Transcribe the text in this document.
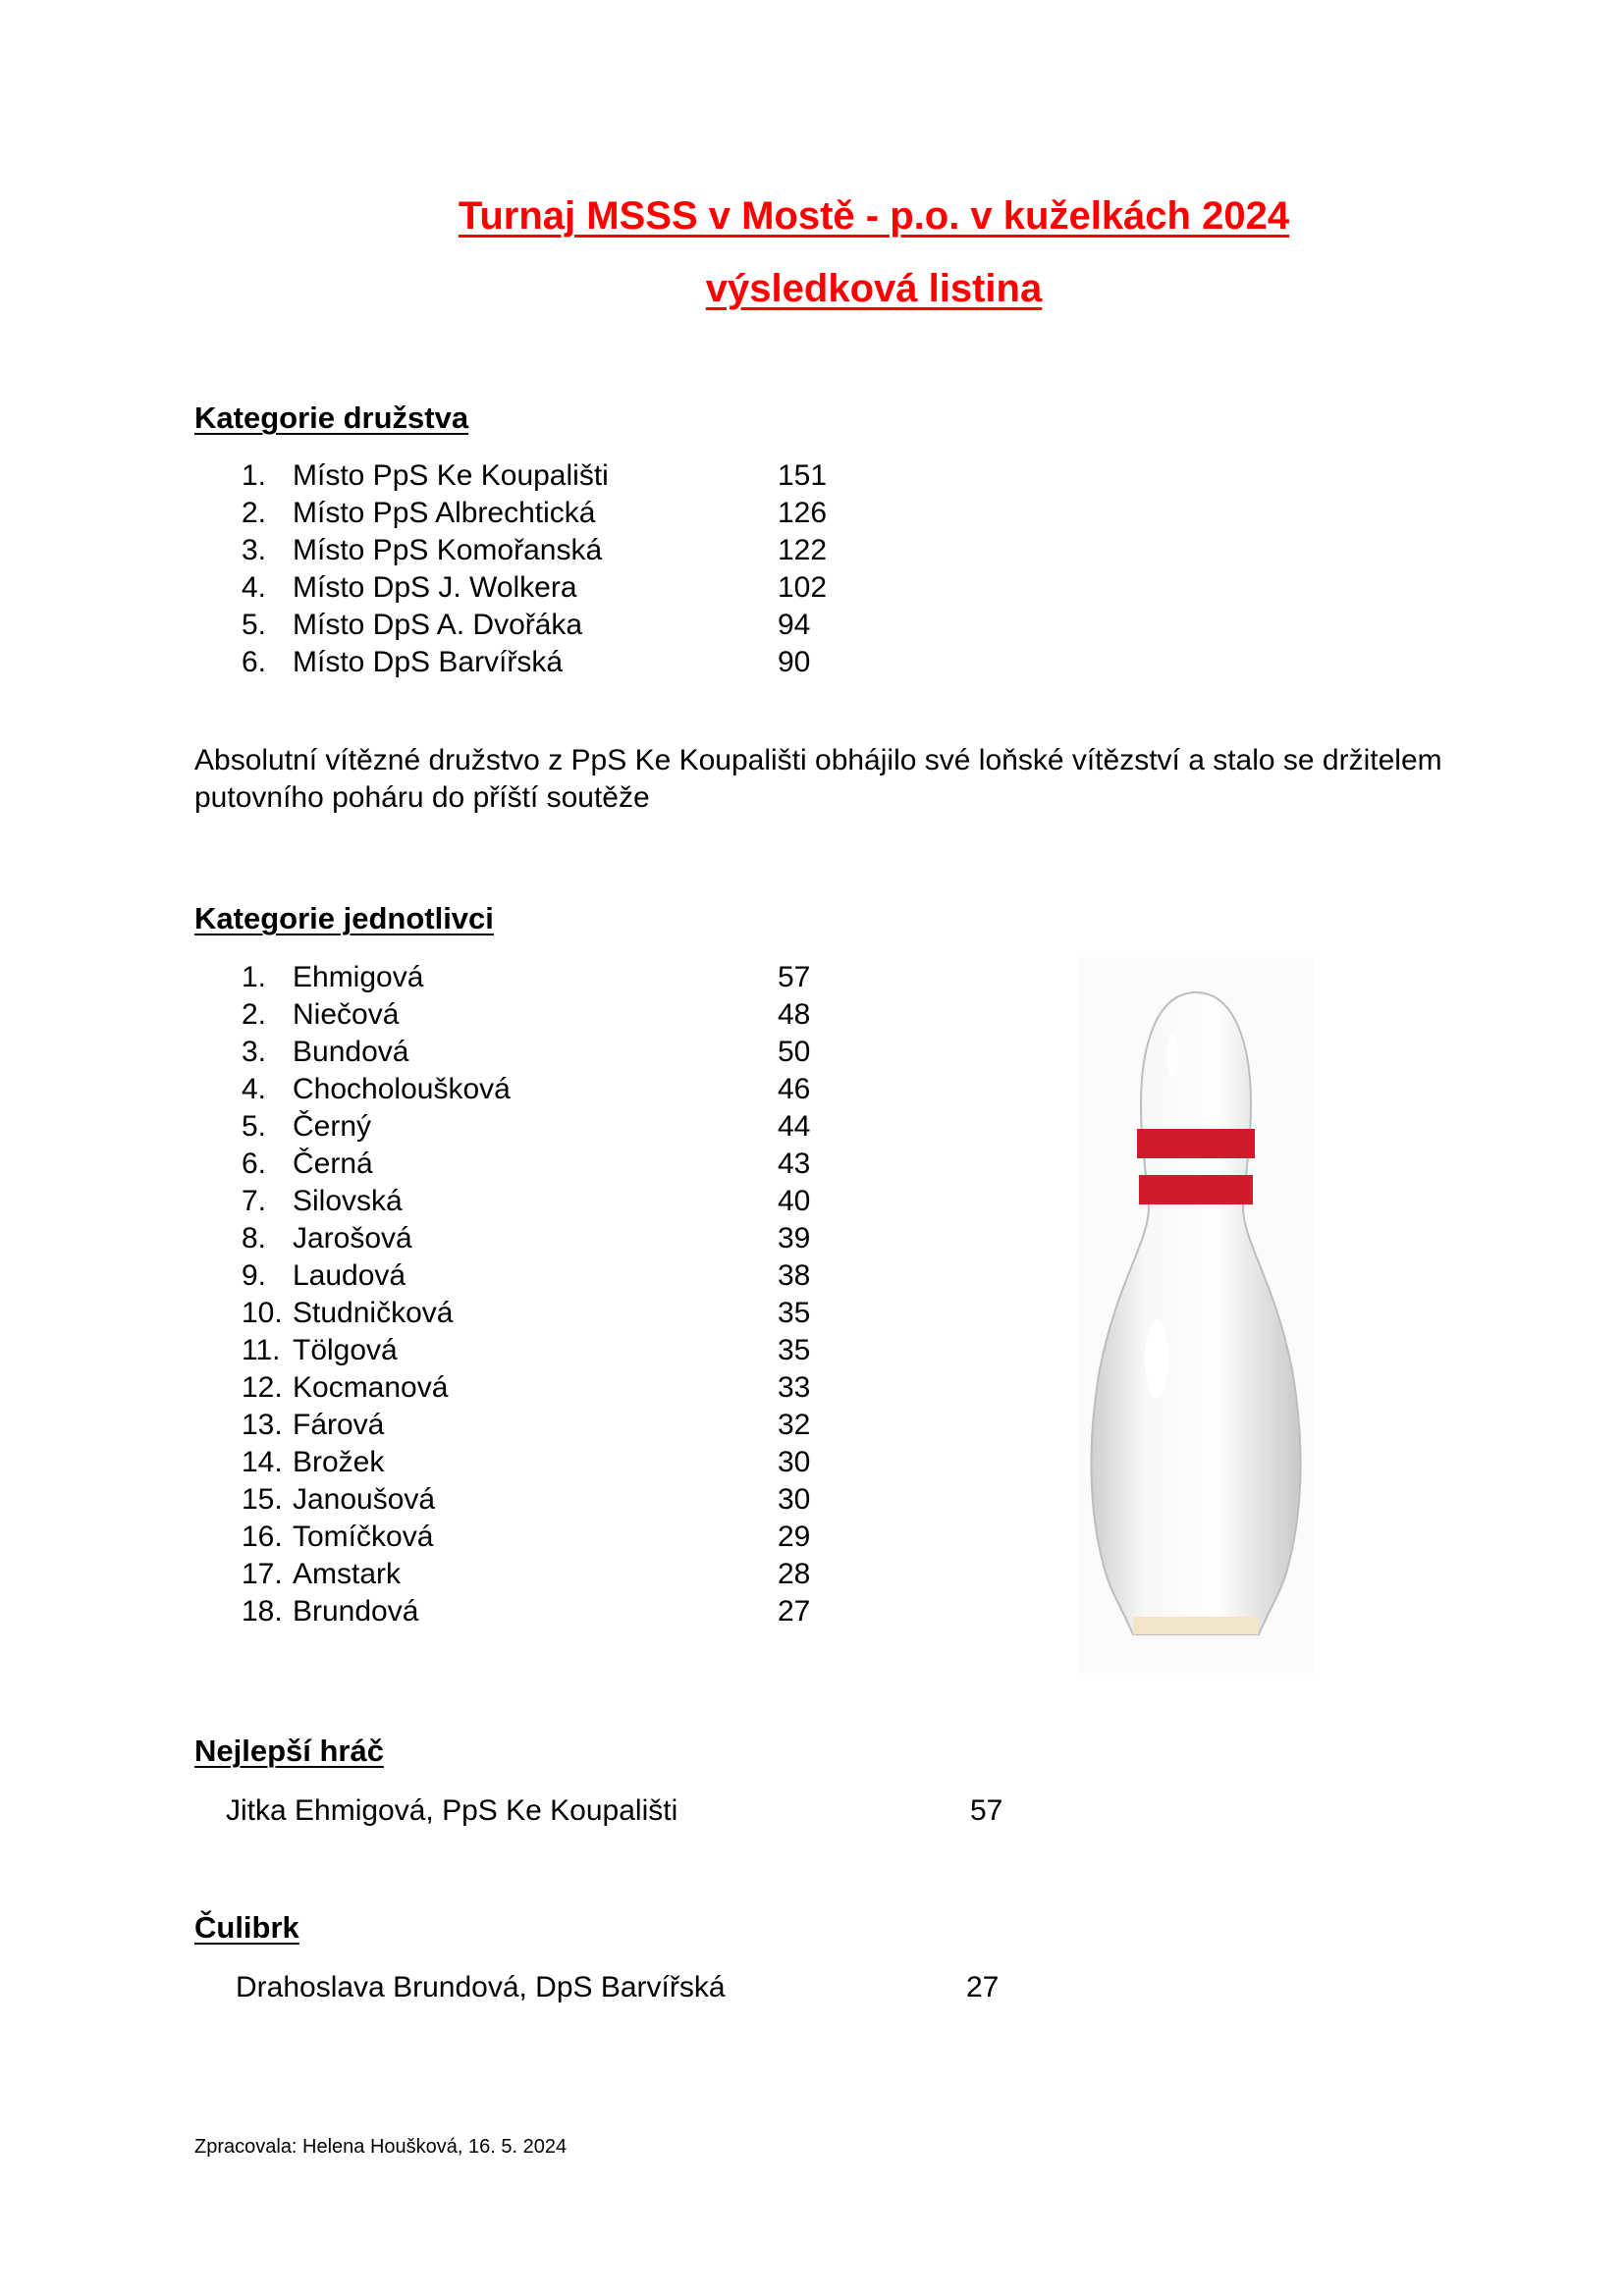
Turnaj MSSS v Mostě - p.o. v kuželkách 2024
výsledková listina
Kategorie družstva
1. Místo PpS Ke Koupališti	151
2. Místo PpS Albrechtická	126
3. Místo PpS Komořanská	122
4. Místo DpS J. Wolkera	102
5. Místo DpS A. Dvořáka	94
6. Místo DpS Barvířská	90

Absolutní vítězné družstvo z PpS Ke Koupališti obhájilo své loňské vítězství a stalo se držitelem putovního poháru do příští soutěže

Kategorie jednotlivci
1. Ehmigová	57
2. Niečová	48
3. Bundová	50
4. Chocholoušková	46
5. Černý	44
6. Černá	43
7. Silovská	40
8. Jarošová	39
9. Laudová	38
10. Studničková	35
11. Tölgová	35
12. Kocmanová	33
13. Fárová	32
14. Brožek	30
15. Janoušová	30
16. Tomíčková	29
17. Amstark	28
18. Brundová	27
Nejlepší hráč
Jitka Ehmigová, PpS Ke Koupališti	57
Čulibrk
Drahoslava Brundová, DpS Barvířská	27
Zpracovala: Helena Houšková, 16. 5. 2024
